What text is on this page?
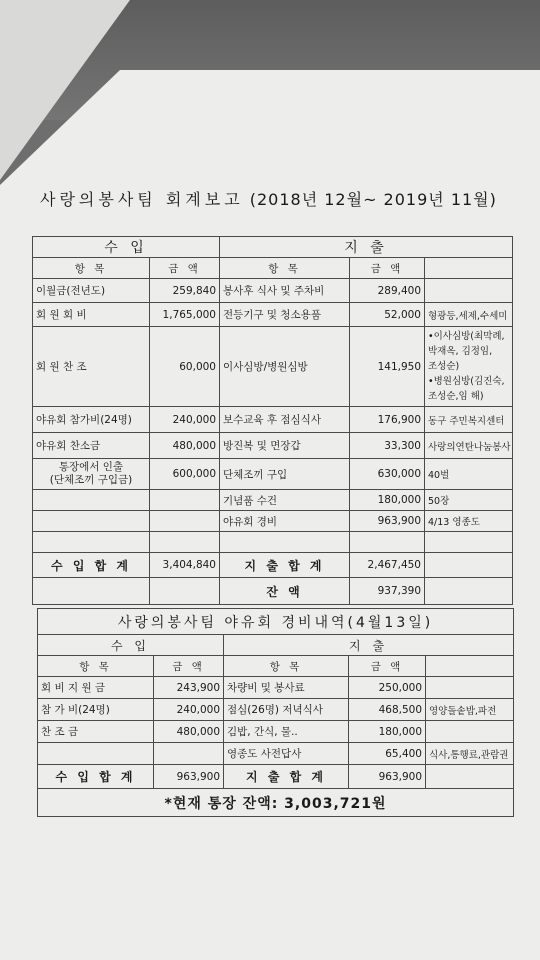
사랑의봉사팀 회계보고 (2018년 12월~ 2019년 11월)
수 입		지 출		
항 목	금 액	항 목	금 액	
이월금(전년도)	259,840	봉사후 식사 및 주차비	289,400	
회 원 회 비	1,765,000	전등기구 및 청소용품	52,000	형광등,세제,수세미
회 원 찬 조	60,000	이사심방/병원심방	141,950	•이사심방(최막례,
박재옥, 김정임,
조성순)
•병원심방(김진숙,
조성순,임 해)

야유회 참가비(24명)	240,000	보수교육 후 점심식사	176,900	동구 주민복지센터
야유회 찬소금	480,000	방진복 및 면장갑	33,300	사랑의연탄나눔봉사

통장에서 인출
(단체조끼 구입금)	600,000	단체조끼 구입	630,000	40벌
		기념품 수건	180,000	50장
		야유회 경비	963,900	4/13 영종도

수 입 합 계	3,404,840	지 출 합 계	2,467,450	
		잔 액	937,390	
사랑의봉사팀 야유회 경비내역(4월13일)				
수 입		지 출		
항 목	금 액	항 목	금 액	
회 비 지 원 금	243,900	차량비 및 봉사료	250,000	
참 가 비(24명)	240,000	점심(26명) 저녁식사	468,500	영양돌솥밥,파전
찬 조 금	480,000	김밥, 간식, 물..	180,000	
		영종도 사전답사	65,400	식사,통행료,관람권
수 입 합 계	963,900	지 출 합 계	963,900	
*현재 통장 잔액: 3,003,721원				
